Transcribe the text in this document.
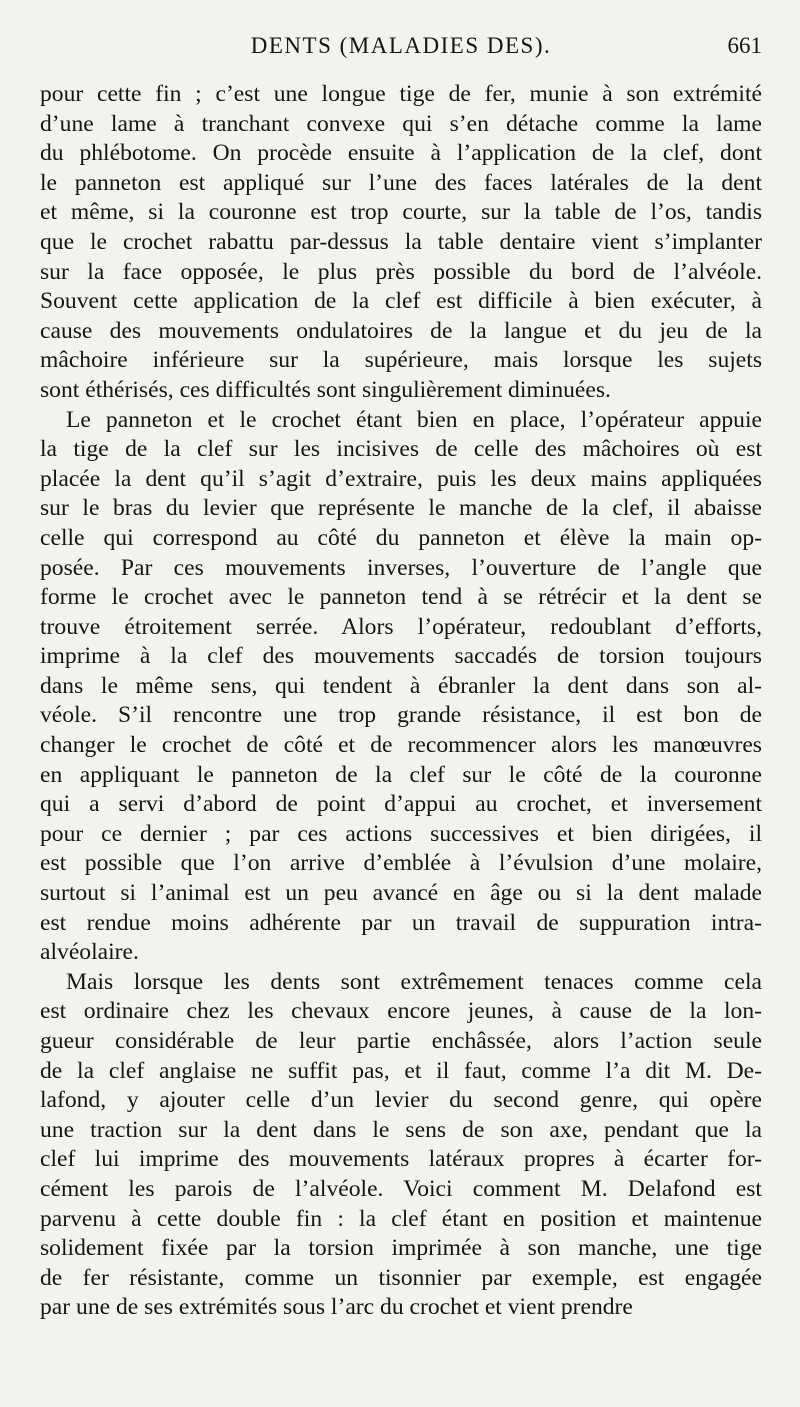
DENTS (MALADIES DES).	661
pour cette fin ; c’est une longue tige de fer, munie à son extrémité
d’une lame à tranchant convexe qui s’en détache comme la lame
du phlébotome. On procède ensuite à l’application de la clef, dont
le panneton est appliqué sur l’une des faces latérales de la dent
et même, si la couronne est trop courte, sur la table de l’os, tandis
que le crochet rabattu par-dessus la table dentaire vient s’implanter
sur la face opposée, le plus près possible du bord de l’alvéole.
Souvent cette application de la clef est difficile à bien exécuter, à
cause des mouvements ondulatoires de la langue et du jeu de la
mâchoire inférieure sur la supérieure, mais lorsque les sujets
sont éthérisés, ces difficultés sont singulièrement diminuées.
Le panneton et le crochet étant bien en place, l’opérateur appuie
la tige de la clef sur les incisives de celle des mâchoires où est
placée la dent qu’il s’agit d’extraire, puis les deux mains appliquées
sur le bras du levier que représente le manche de la clef, il abaisse
celle qui correspond au côté du panneton et élève la main op-
posée. Par ces mouvements inverses, l’ouverture de l’angle que
forme le crochet avec le panneton tend à se rétrécir et la dent se
trouve étroitement serrée. Alors l’opérateur, redoublant d’efforts,
imprime à la clef des mouvements saccadés de torsion toujours
dans le même sens, qui tendent à ébranler la dent dans son al-
véole. S’il rencontre une trop grande résistance, il est bon de
changer le crochet de côté et de recommencer alors les manœuvres
en appliquant le panneton de la clef sur le côté de la couronne
qui a servi d’abord de point d’appui au crochet, et inversement
pour ce dernier ; par ces actions successives et bien dirigées, il
est possible que l’on arrive d’emblée à l’évulsion d’une molaire,
surtout si l’animal est un peu avancé en âge ou si la dent malade
est rendue moins adhérente par un travail de suppuration intra-
alvéolaire.
Mais lorsque les dents sont extrêmement tenaces comme cela
est ordinaire chez les chevaux encore jeunes, à cause de la lon-
gueur considérable de leur partie enchâssée, alors l’action seule
de la clef anglaise ne suffit pas, et il faut, comme l’a dit M. De-
lafond, y ajouter celle d’un levier du second genre, qui opère
une traction sur la dent dans le sens de son axe, pendant que la
clef lui imprime des mouvements latéraux propres à écarter for-
cément les parois de l’alvéole. Voici comment M. Delafond est
parvenu à cette double fin : la clef étant en position et maintenue
solidement fixée par la torsion imprimée à son manche, une tige
de fer résistante, comme un tisonnier par exemple, est engagée
par une de ses extrémités sous l’arc du crochet et vient prendre
